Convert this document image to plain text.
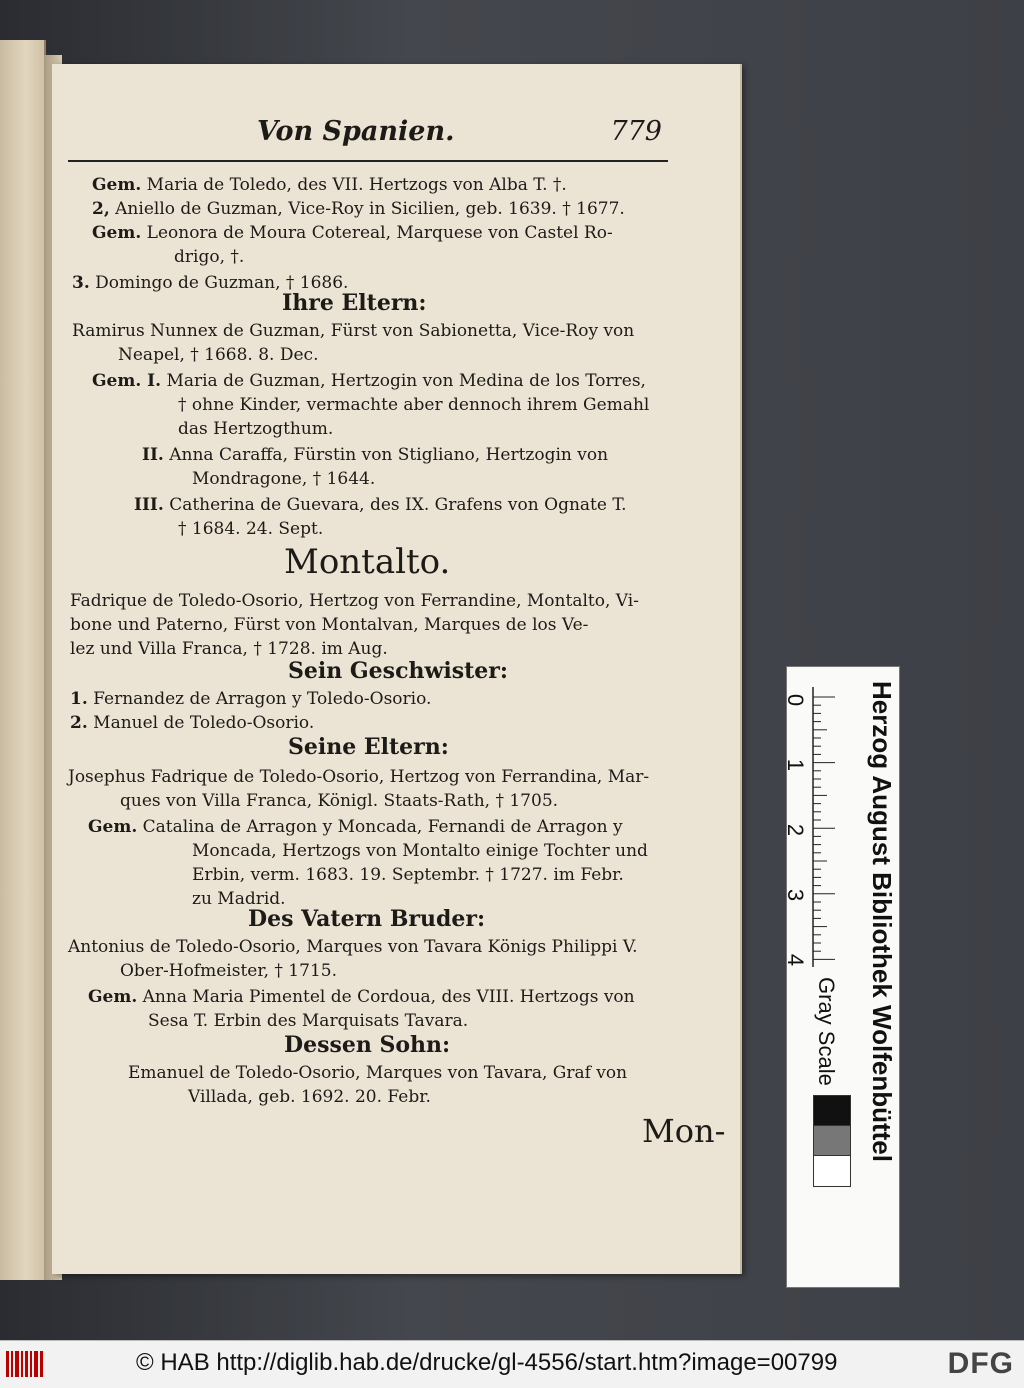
Von Spanien.	779
Gem. Maria de Toledo, des VII. Hertzogs von Alba T. †.
2, Aniello de Guzman, Vice-Roy in Sicilien, geb. 1639. † 1677.
Gem. Leonora de Moura Cotereal, Marquese von Castel Ro-
drigo, †.
3. Domingo de Guzman, † 1686.
Ihre Eltern:
Ramirus Nunnex de Guzman, Fürst von Sabionetta, Vice-Roy von
Neapel, † 1668. 8. Dec.
Gem. I. Maria de Guzman, Hertzogin von Medina de los Torres,
† ohne Kinder, vermachte aber dennoch ihrem Gemahl
das Hertzogthum.
II. Anna Caraffa, Fürstin von Stigliano, Hertzogin von
Mondragone, † 1644.
III. Catherina de Guevara, des IX. Grafens von Ognate T.
† 1684. 24. Sept.
Montalto.
Fadrique de Toledo-Osorio, Hertzog von Ferrandine, Montalto, Vi-
bone und Paterno, Fürst von Montalvan, Marques de los Ve-
lez und Villa Franca, † 1728. im Aug.
Sein Geschwister:
1. Fernandez de Arragon y Toledo-Osorio.
2. Manuel de Toledo-Osorio.
Seine Eltern:
Josephus Fadrique de Toledo-Osorio, Hertzog von Ferrandina, Mar-
ques von Villa Franca, Königl. Staats-Rath, † 1705.
Gem. Catalina de Arragon y Moncada, Fernandi de Arragon y
Moncada, Hertzogs von Montalto einige Tochter und
Erbin, verm. 1683. 19. Septembr. † 1727. im Febr.
zu Madrid.
Des Vatern Bruder:
Antonius de Toledo-Osorio, Marques von Tavara Königs Philippi V.
Ober-Hofmeister, † 1715.
Gem. Anna Maria Pimentel de Cordoua, des VIII. Hertzogs von
Sesa T. Erbin des Marquisats Tavara.
Dessen Sohn:
Emanuel de Toledo-Osorio, Marques von Tavara, Graf von
Villada, geb. 1692. 20. Febr.
Mon-
0
1
2
3
4
Gray Scale	Herzog August Bibliothek Wolfenbüttel
© HAB http://diglib.hab.de/drucke/gl-4556/start.htm?image=00799	DFG
